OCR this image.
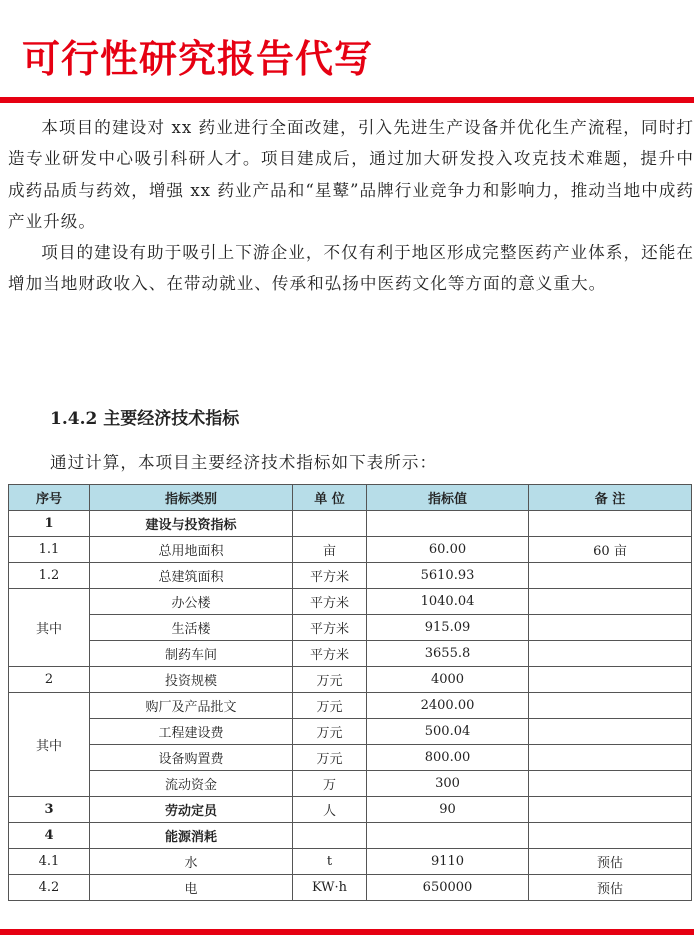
可行性研究报告代写

本项目的建设对 xx 药业进行全面改建，引入先进生产设备并优化生产流程，同时打造专业研发中心吸引科研人才。项目建成后，通过加大研发投入攻克技术难题，提升中成药品质与药效，增强 xx 药业产品和“星鼙”品牌行业竞争力和影响力，推动当地中成药产业升级。

项目的建设有助于吸引上下游企业，不仅有利于地区形成完整医药产业体系，还能在增加当地财政收入、在带动就业、传承和弘扬中医药文化等方面的意义重大。

1.4.2 主要经济技术指标
通过计算，本项目主要经济技术指标如下表所示：
序号	指标类别	单 位	指标值	备 注
1	建设与投资指标			
1.1	总用地面积	亩	60.00	60 亩
1.2	总建筑面积	平方米	5610.93	
其中	办公楼	平方米	1040.04	
	生活楼	平方米	915.09	
	制药车间	平方米	3655.8	
2	投资规模	万元	4000	
其中	购厂及产品批文	万元	2400.00	
	工程建设费	万元	500.04	
	设备购置费	万元	800.00	
	流动资金	万	300	
3	劳动定员	人	90	
4	能源消耗			
4.1	水	t	9110	预估
4.2	电	KW·h	650000	预估
